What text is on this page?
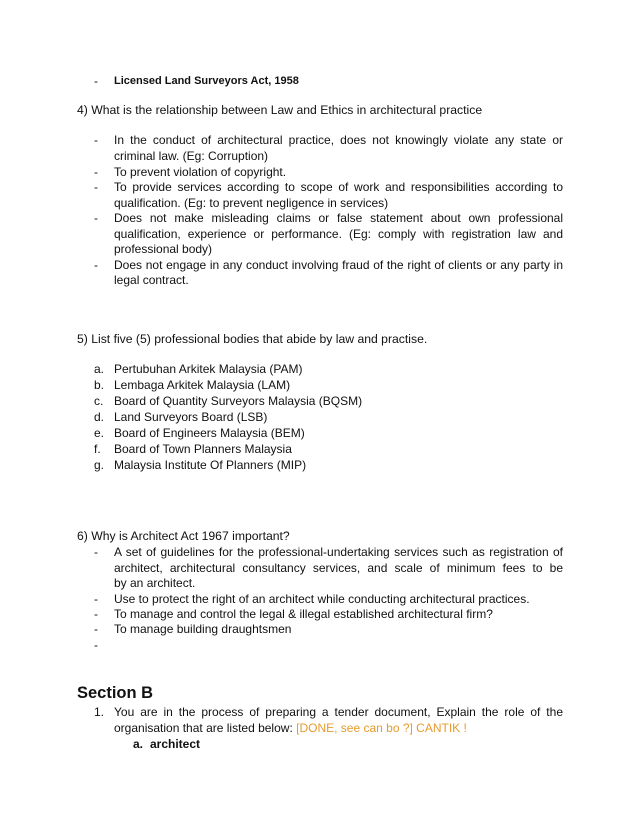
- Licensed Land Surveyors Act, 1958
4) What is the relationship between Law and Ethics in architectural practice
- In the conduct of architectural practice, does not knowingly violate any state or
criminal law. (Eg: Corruption)
- To prevent violation of copyright.
- To provide services according to scope of work and responsibilities according to
qualification. (Eg: to prevent negligence in services)
- Does not make misleading claims or false statement about own professional
qualification, experience or performance. (Eg: comply with registration law and
professional body)
- Does not engage in any conduct involving fraud of the right of clients or any party in
legal contract.
5) List five (5) professional bodies that abide by law and practise.
a. Pertubuhan Arkitek Malaysia (PAM)
b. Lembaga Arkitek Malaysia (LAM)
c. Board of Quantity Surveyors Malaysia (BQSM)
d. Land Surveyors Board (LSB)
e. Board of Engineers Malaysia (BEM)
f. Board of Town Planners Malaysia
g. Malaysia Institute Of Planners (MIP)
6) Why is Architect Act 1967 important?
- A set of guidelines for the professional-undertaking services such as registration of
architect, architectural consultancy services, and scale of minimum fees to be
by an architect.
- Use to protect the right of an architect while conducting architectural practices.
- To manage and control the legal & illegal established architectural firm?
- To manage building draughtsmen
-
Section B
1. You are in the process of preparing a tender document, Explain the role of the
organisation that are listed below: [DONE, see can bo ?] CANTIK !
a. architect
